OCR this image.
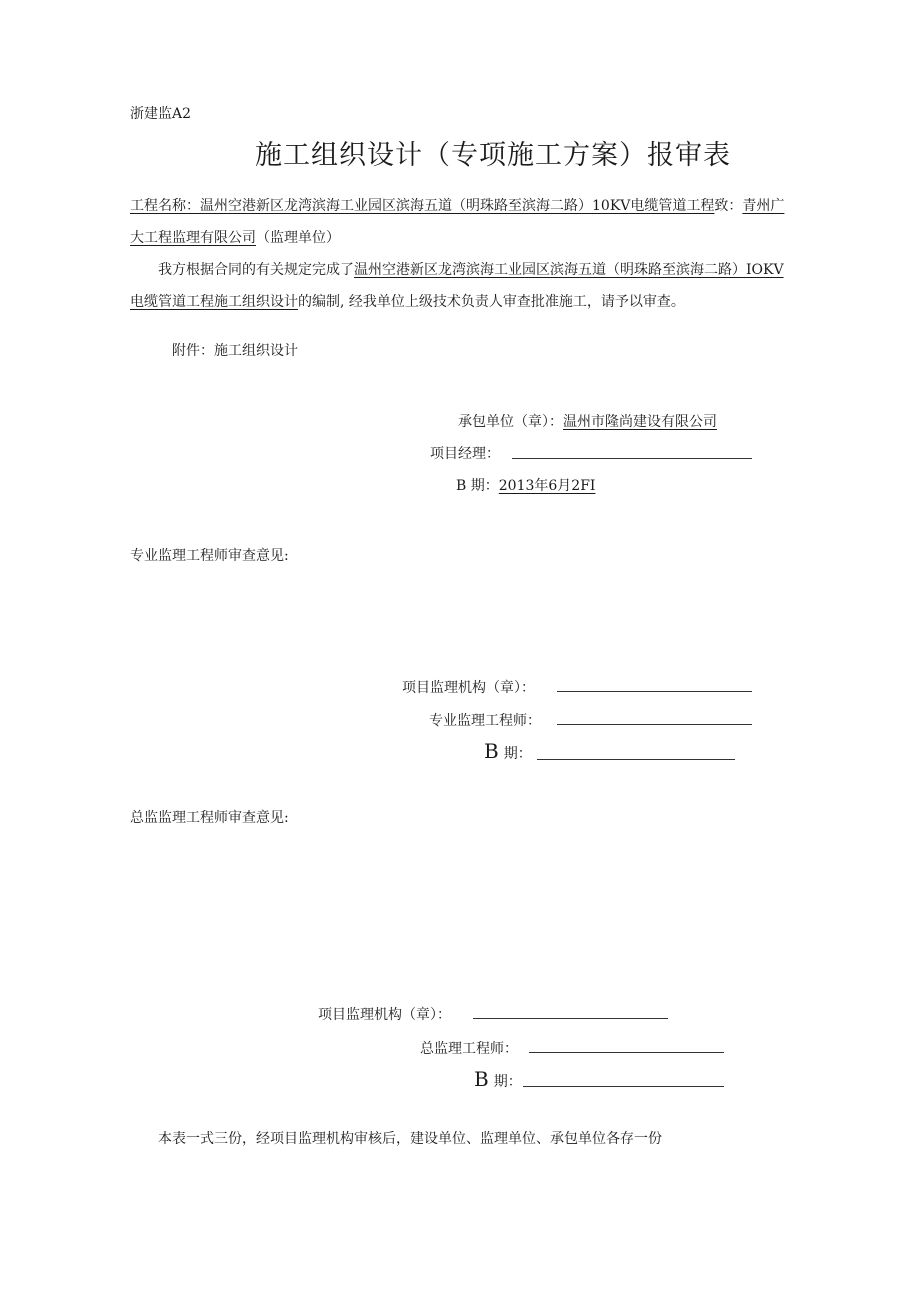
浙建监A2
施工组织设计（专项施工方案）报审表
工程名称：温州空港新区龙湾滨海工业园区滨海五道（明珠路至滨海二路）10KV电缆管道工程致：青州广
大工程监理有限公司（监理单位）
我方根据合同的有关规定完成了温州空港新区龙湾滨海工业园区滨海五道（明珠路至滨海二路）IOKV
电缆管道工程施工组织设计的编制, 经我单位上级技术负责人审查批准施工，请予以审查。
附件：施工组织设计
承包单位（章）：温州市隆尚建设有限公司
项目经理：
B 期：2013年6月2FI
专业监理工程师审查意见:
项目监理机构（章）：
专业监理工程师：
B 期：
总监监理工程师审查意见:
项目监理机构（章）：
总监理工程师：
B 期：
本表一式三份，经项目监理机构审核后，建设单位、监理单位、承包单位各存一份
